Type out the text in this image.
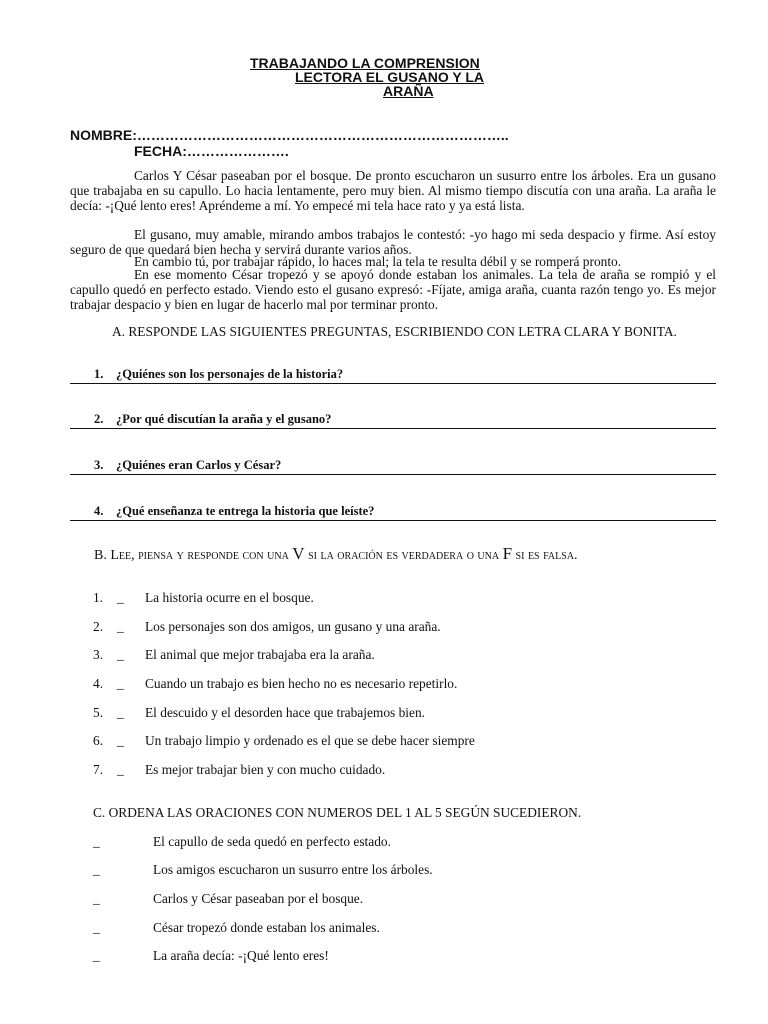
TRABAJANDO LA COMPRENSION
LECTORA EL GUSANO Y LA
ARAÑA
NOMBRE:……………………………………………………………………..
FECHA:………………….

Carlos Y César paseaban por el bosque. De pronto escucharon un susurro entre los árboles. Era un gusano que trabajaba en su capullo. Lo hacia lentamente, pero muy bien. Al mismo tiempo discutía con una araña. La araña le decía: -¡Qué lento eres! Apréndeme a mí. Yo empecé mi tela hace rato y ya está lista.

El gusano, muy amable, mirando ambos trabajos le contestó: -yo hago mi seda despacio y firme. Así estoy seguro de que quedará bien hecha y servirá durante varios años.

En cambio tú, por trabajar rápido, lo haces mal; la tela te resulta débil y se romperá pronto.

En ese momento César tropezó y se apoyó donde estaban los animales. La tela de araña se rompió y el capullo quedó en perfecto estado. Viendo esto el gusano expresó: -Fíjate, amiga araña, cuanta razón tengo yo. Es mejor trabajar despacio y bien en lugar de hacerlo mal por terminar pronto.

A. RESPONDE LAS SIGUIENTES PREGUNTAS, ESCRIBIENDO CON LETRA CLARA Y BONITA.

1. ¿Quiénes son los personajes de la historia?
2. ¿Por qué discutían la araña y el gusano?
3. ¿Quiénes eran Carlos y César?
4. ¿Qué enseñanza te entrega la historia que leíste?

B. Lee, piensa y responde con una V si la oración es verdadera o una F si es falsa.

1. _ La historia ocurre en el bosque.
2. _ Los personajes son dos amigos, un gusano y una araña.
3. _ El animal que mejor trabajaba era la araña.
4. _ Cuando un trabajo es bien hecho no es necesario repetirlo.
5. _ El descuido y el desorden hace que trabajemos bien.
6. _ Un trabajo limpio y ordenado es el que se debe hacer siempre
7. _ Es mejor trabajar bien y con mucho cuidado.
C. ORDENA LAS ORACIONES CON NUMEROS DEL 1 AL 5 SEGÚN SUCEDIERON.
_	El capullo de seda quedó en perfecto estado.
_	Los amigos escucharon un susurro entre los árboles.
_	Carlos y César paseaban por el bosque.
_	César tropezó donde estaban los animales.
_	La araña decía: -¡Qué lento eres!
